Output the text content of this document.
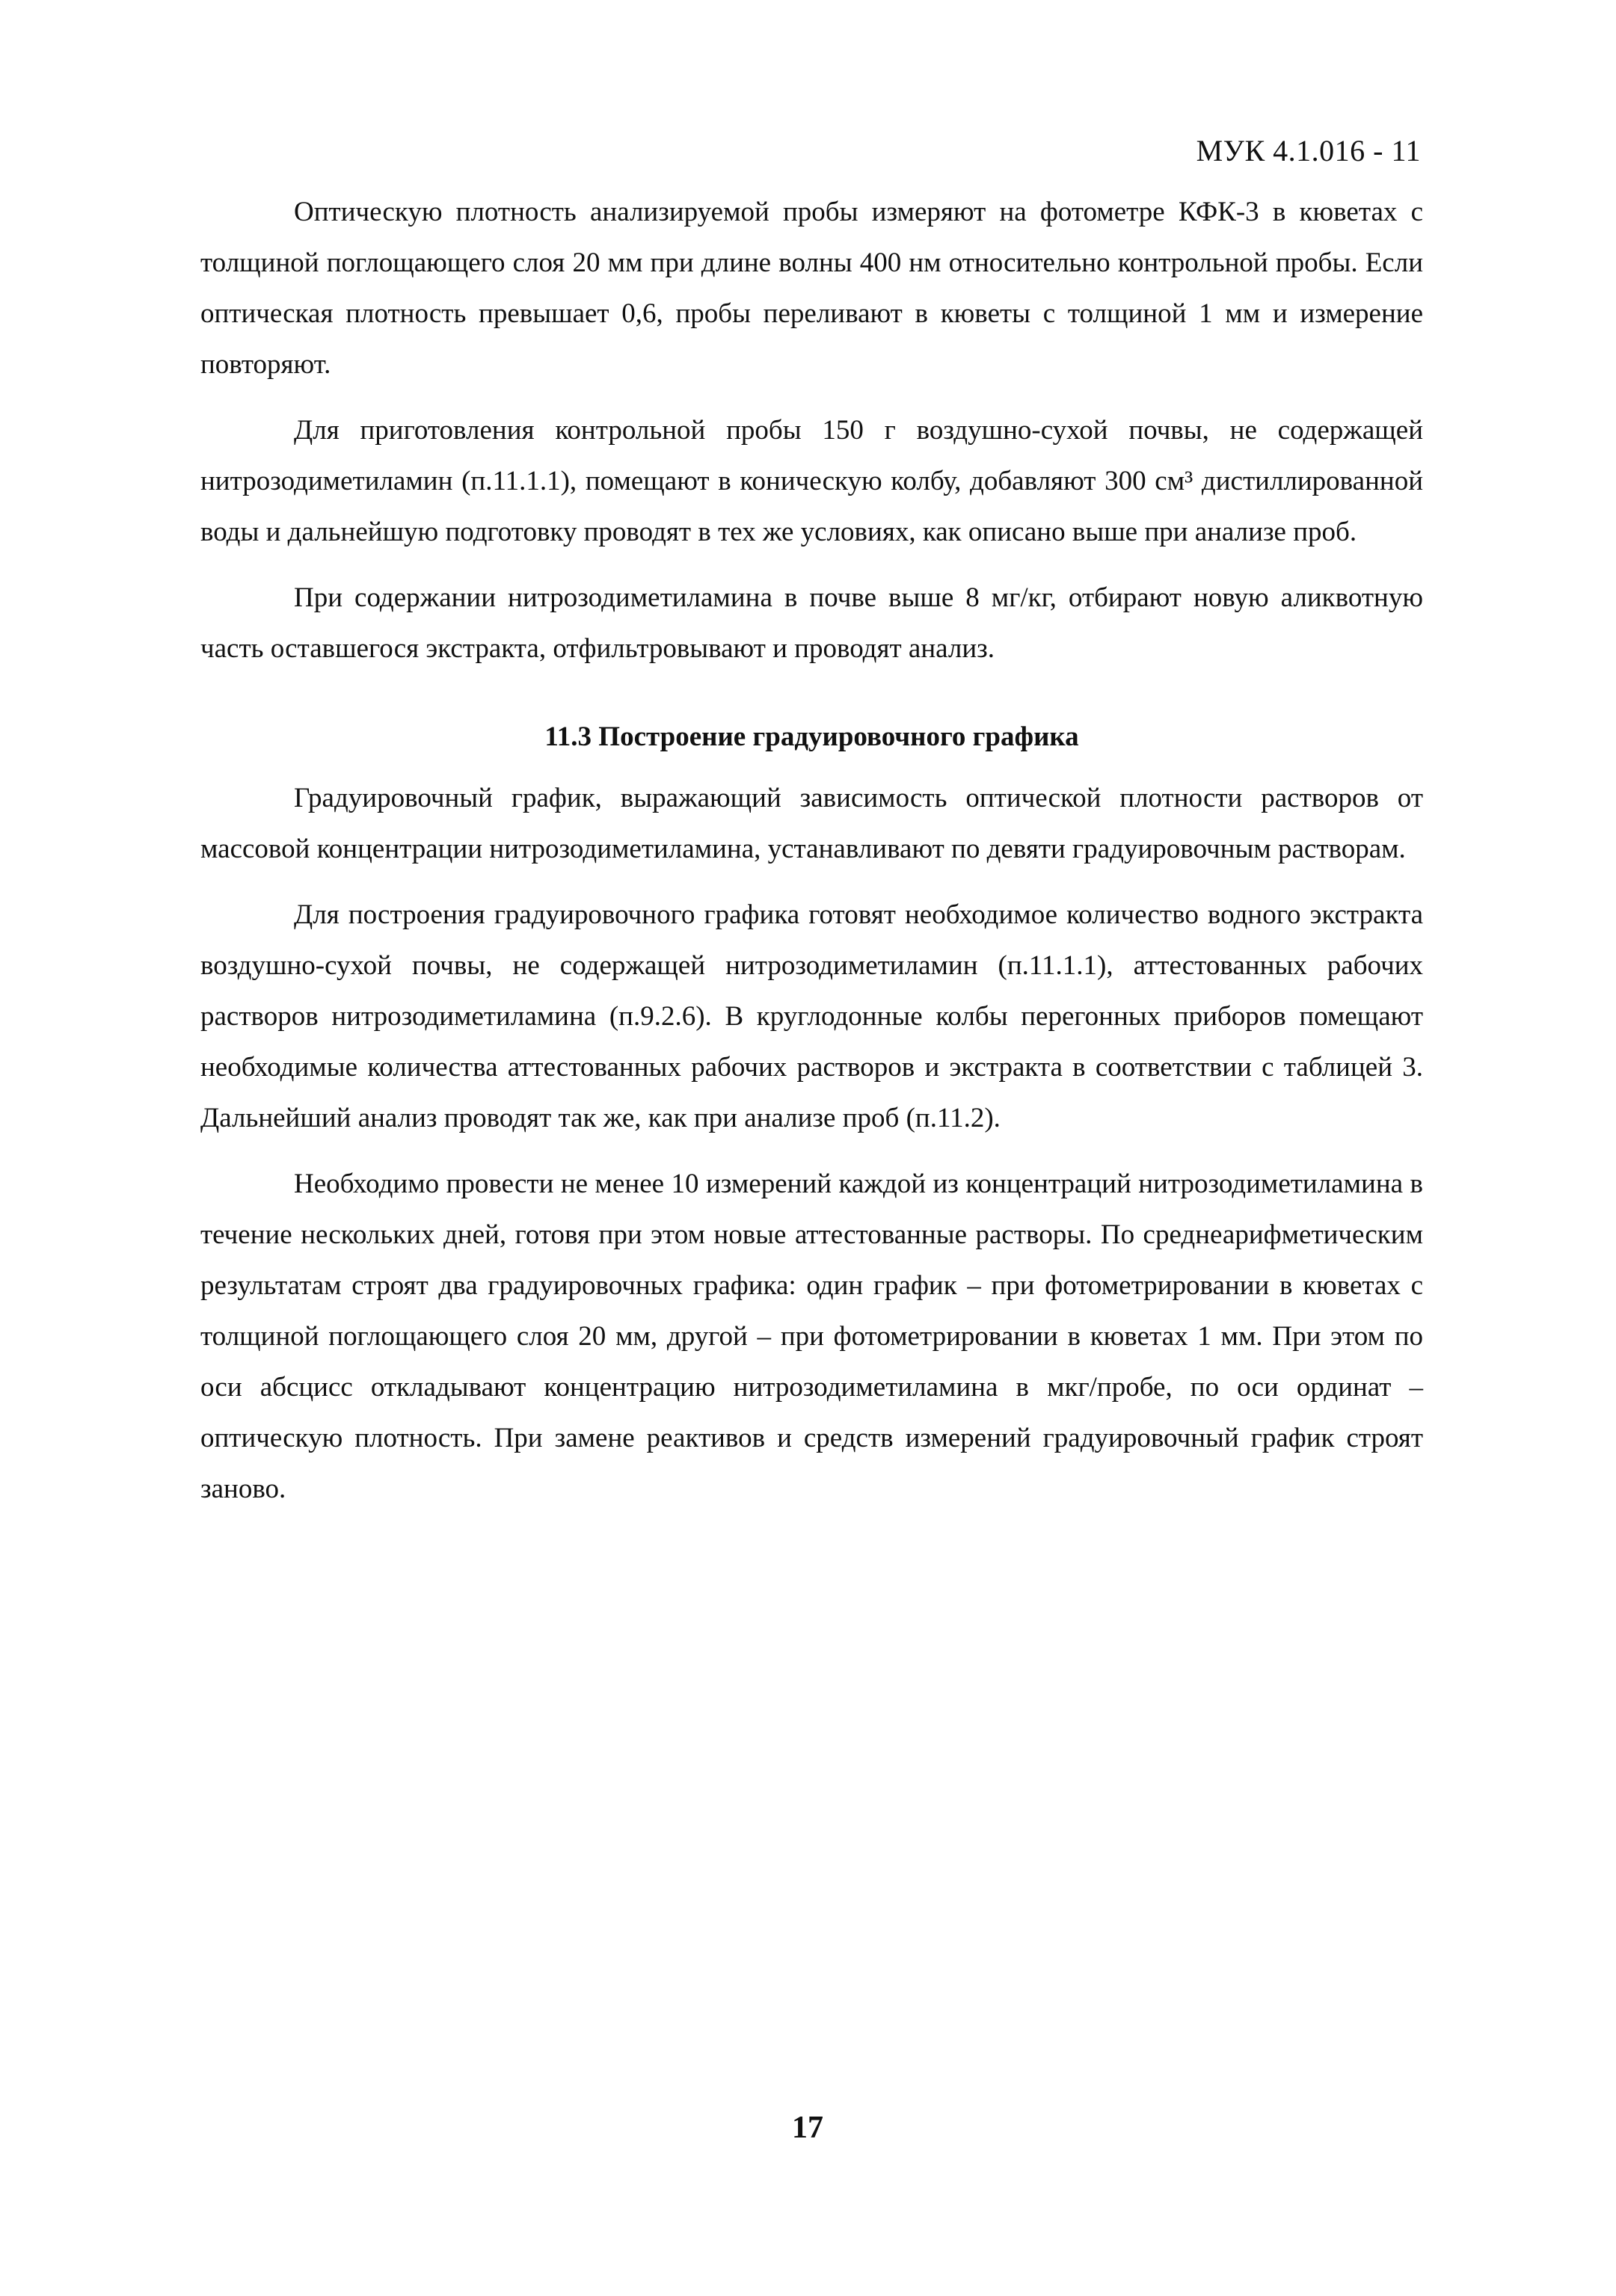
МУК 4.1.016 - 11

Оптическую плотность анализируемой пробы измеряют на фотометре КФК-3 в кюветах с толщиной поглощающего слоя 20 мм при длине волны 400 нм относительно контрольной пробы. Если оптическая плотность превышает 0,6, пробы переливают в кюветы с толщиной 1 мм и измерение повторяют.

Для приготовления контрольной пробы 150 г воздушно-сухой почвы, не содержащей нитрозодиметиламин (п.11.1.1), помещают в коническую колбу, добавляют 300 см³ дистиллированной воды и дальнейшую подготовку проводят в тех же условиях, как описано выше при анализе проб.

При содержании нитрозодиметиламина в почве выше 8 мг/кг, отбирают новую аликвотную часть оставшегося экстракта, отфильтровывают и проводят анализ.

11.3 Построение градуировочного графика

Градуировочный график, выражающий зависимость оптической плотности растворов от массовой концентрации нитрозодиметиламина, устанавливают по девяти градуировочным растворам.

Для построения градуировочного графика готовят необходимое количество водного экстракта воздушно-сухой почвы, не содержащей нитрозодиметиламин (п.11.1.1), аттестованных рабочих растворов нитрозодиметиламина (п.9.2.6). В круглодонные колбы перегонных приборов помещают необходимые количества аттестованных рабочих растворов и экстракта в соответствии с таблицей 3. Дальнейший анализ проводят так же, как при анализе проб (п.11.2).

Необходимо провести не менее 10 измерений каждой из концентраций нитрозодиметиламина в течение нескольких дней, готовя при этом новые аттестованные растворы. По среднеарифметическим результатам строят два градуировочных графика: один график – при фотометрировании в кюветах с толщиной поглощающего слоя 20 мм, другой – при фотометрировании в кюветах 1 мм. При этом по оси абсцисс откладывают концентрацию нитрозодиметиламина в мкг/пробе, по оси ординат – оптическую плотность. При замене реактивов и средств измерений градуировочный график строят заново.

17
